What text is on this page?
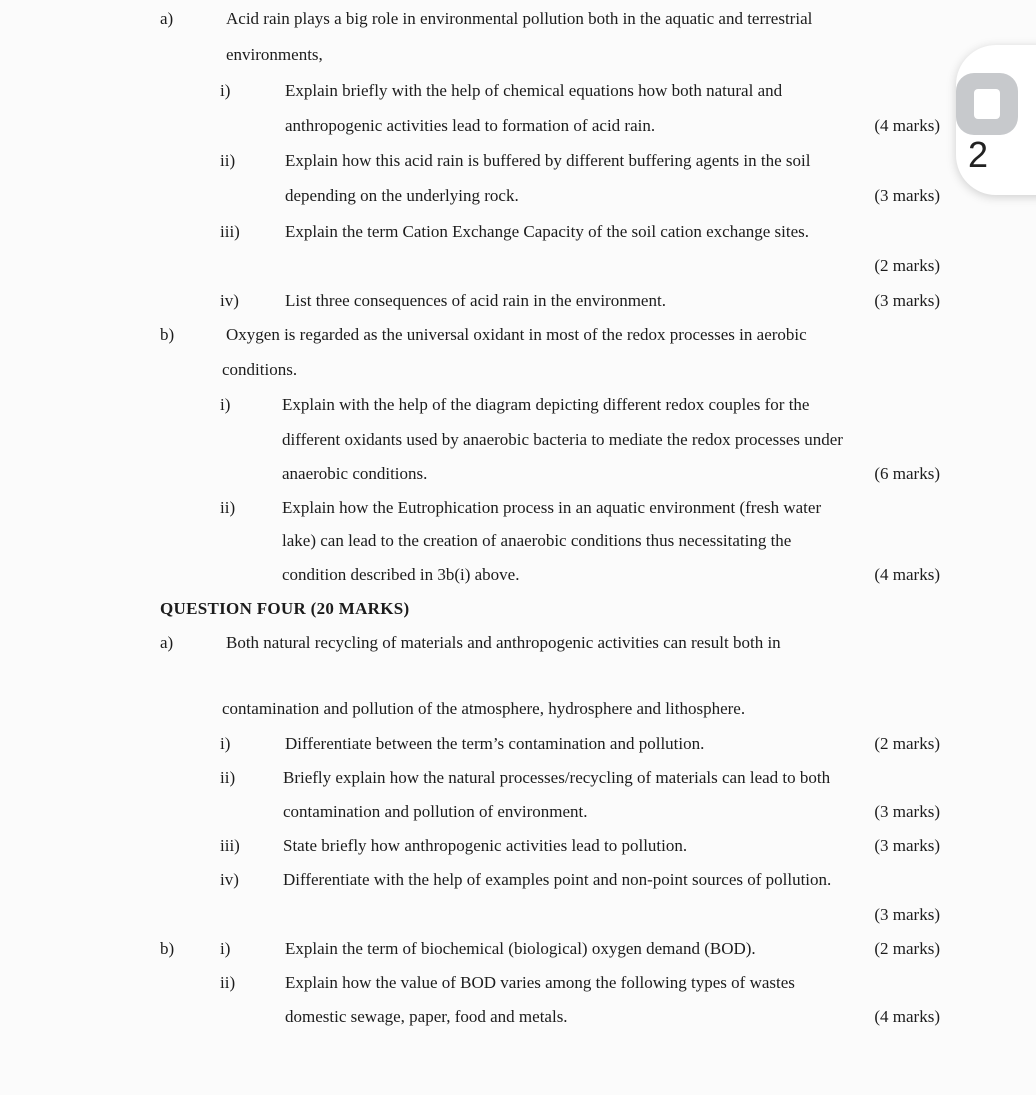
a)	Acid rain plays a big role in environmental pollution both in the aquatic and terrestrial
environments,
i)	Explain briefly with the help of chemical equations how both natural and
anthropogenic activities lead to formation of acid rain.	(4 marks)
ii)	Explain how this acid rain is buffered by different buffering agents in the soil
depending on the underlying rock.	(3 marks)
iii)	Explain the term Cation Exchange Capacity of the soil cation exchange sites.
(2 marks)
iv)	List three consequences of acid rain in the environment.	(3 marks)
b)	Oxygen is regarded as the universal oxidant in most of the redox processes in aerobic
conditions.
i)	Explain with the help of the diagram depicting different redox couples for the
different oxidants used by anaerobic bacteria to mediate the redox processes under
anaerobic conditions.	(6 marks)
ii)	Explain how the Eutrophication process in an aquatic environment (fresh water
lake) can lead to the creation of anaerobic conditions thus necessitating the
condition described in 3b(i) above.	(4 marks)
QUESTION FOUR (20 MARKS)
a)	Both natural recycling of materials and anthropogenic activities can result both in
contamination and pollution of the atmosphere, hydrosphere and lithosphere.
i)	Differentiate between the term’s contamination and pollution.	(2 marks)
ii)	Briefly explain how the natural processes/recycling of materials can lead to both
contamination and pollution of environment.	(3 marks)
iii)	State briefly how anthropogenic activities lead to pollution.	(3 marks)
iv)	Differentiate with the help of examples point and non-point sources of pollution.
(3 marks)
b)	i)	Explain the term of biochemical (biological) oxygen demand (BOD).	(2 marks)
ii)	Explain how the value of BOD varies among the following types of wastes
domestic sewage, paper, food and metals.	(4 marks)
2
